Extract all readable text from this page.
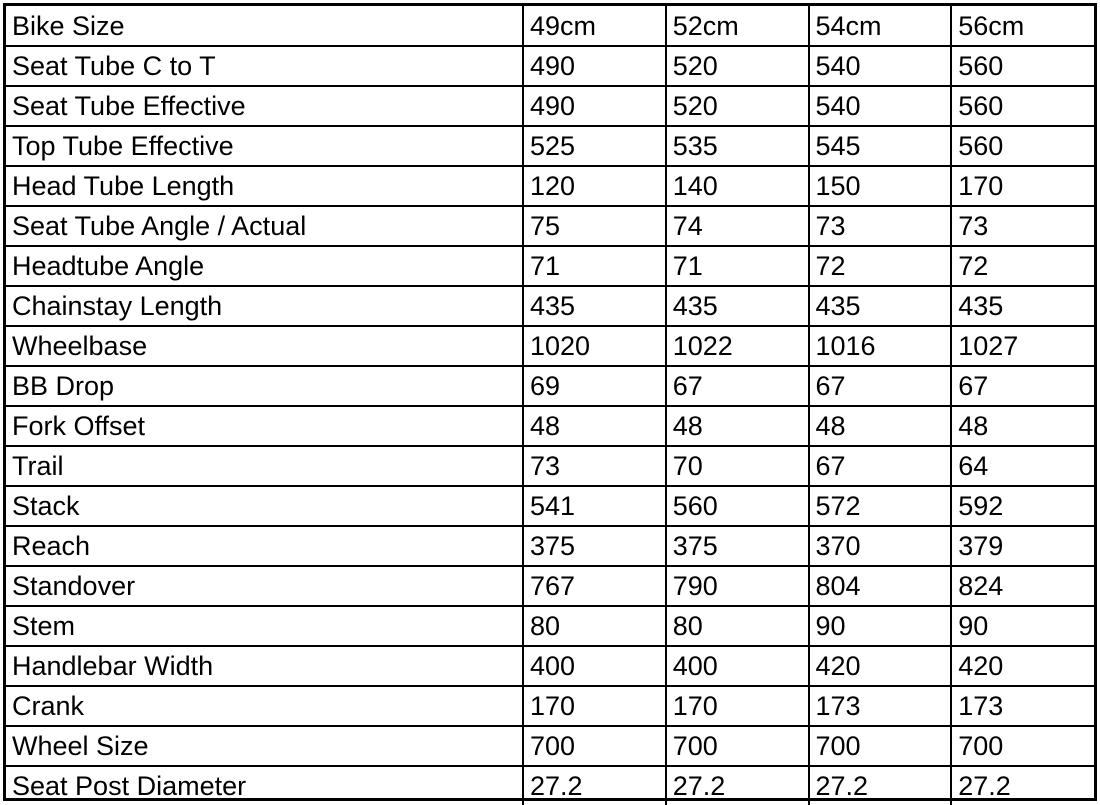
Bike Size	49cm	52cm	54cm	56cm
Seat Tube C to T	490	520	540	560
Seat Tube Effective	490	520	540	560
Top Tube Effective	525	535	545	560
Head Tube Length	120	140	150	170
Seat Tube Angle / Actual	75	74	73	73
Headtube Angle	71	71	72	72
Chainstay Length	435	435	435	435
Wheelbase	1020	1022	1016	1027
BB Drop	69	67	67	67
Fork Offset	48	48	48	48
Trail	73	70	67	64
Stack	541	560	572	592
Reach	375	375	370	379
Standover	767	790	804	824
Stem	80	80	90	90
Handlebar Width	400	400	420	420
Crank	170	170	173	173
Wheel Size	700	700	700	700
Seat Post Diameter	27.2	27.2	27.2	27.2
